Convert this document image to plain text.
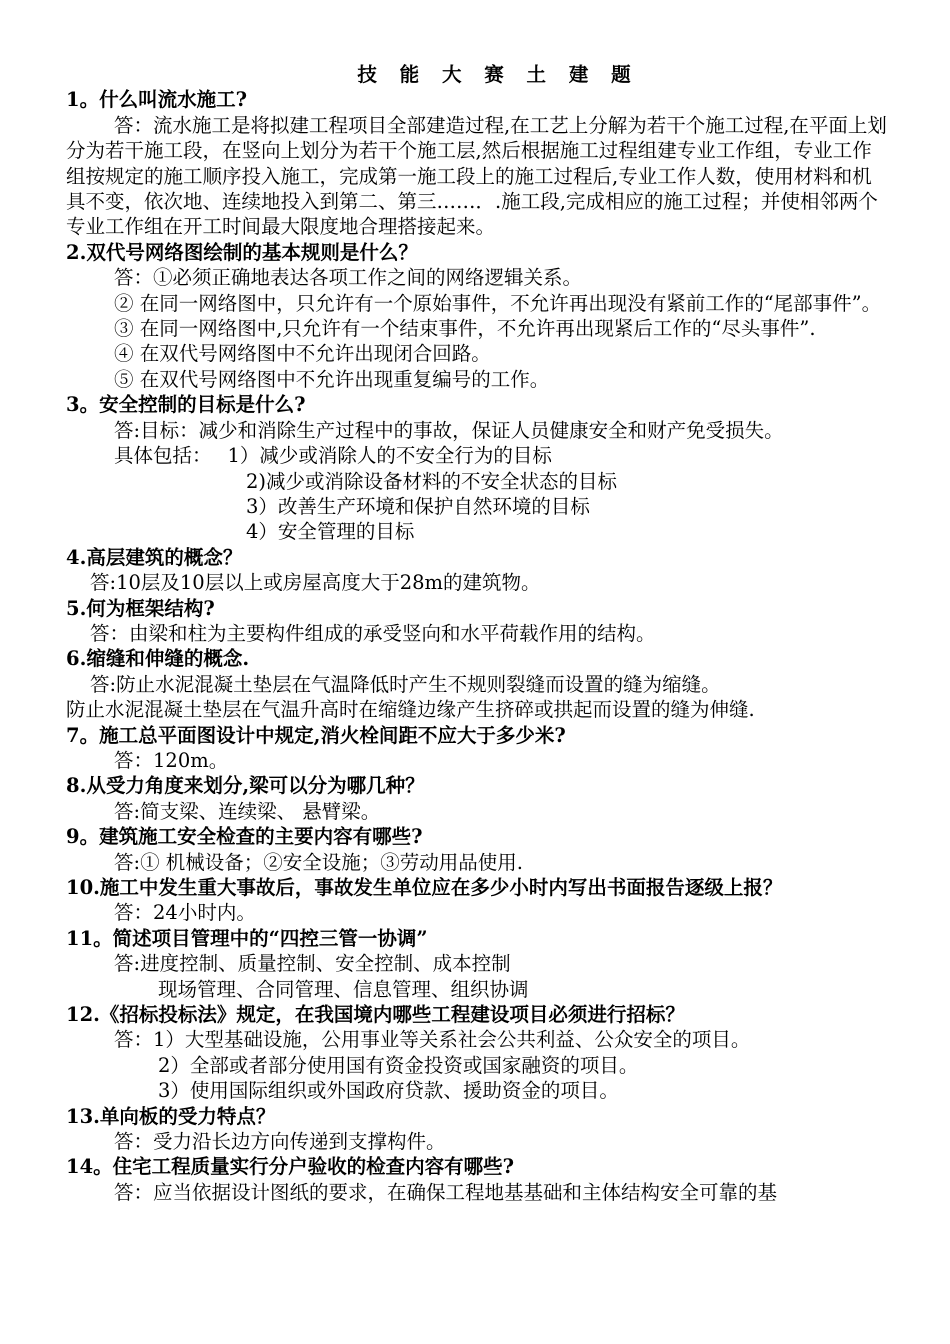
技 能 大 赛 土 建 题

1。什么叫流水施工?

答：流水施工是将拟建工程项目全部建造过程,在工艺上分解为若干个施工过程,在平面上划分为若干施工段，在竖向上划分为若干个施工层,然后根据施工过程组建专业工作组，专业工作组按规定的施工顺序投入施工，完成第一施工段上的施工过程后,专业工作人数，使用材料和机具不变，依次地、连续地投入到第二、第三……．.施工段,完成相应的施工过程；并使相邻两个专业工作组在开工时间最大限度地合理搭接起来。

2.双代号网络图绘制的基本规则是什么？

答：①必须正确地表达各项工作之间的网络逻辑关系。

② 在同一网络图中，只允许有一个原始事件，不允许再出现没有紧前工作的“尾部事件”。

③ 在同一网络图中,只允许有一个结束事件，不允许再出现紧后工作的“尽头事件”.

④ 在双代号网络图中不允许出现闭合回路。

⑤ 在双代号网络图中不允许出现重复编号的工作。

3。安全控制的目标是什么?

答:目标：减少和消除生产过程中的事故，保证人员健康安全和财产免受损失。

具体包括：　 1）减少或消除人的不安全行为的目标

2)减少或消除设备材料的不安全状态的目标

3）改善生产环境和保护自然环境的目标

4）安全管理的目标

4.高层建筑的概念？

答:10层及10层以上或房屋高度大于28m的建筑物。

5.何为框架结构?

答：由梁和柱为主要构件组成的承受竖向和水平荷载作用的结构。

6.缩缝和伸缝的概念.

答:防止水泥混凝土垫层在气温降低时产生不规则裂缝而设置的缝为缩缝。

防止水泥混凝土垫层在气温升高时在缩缝边缘产生挤碎或拱起而设置的缝为伸缝.

7。施工总平面图设计中规定,消火栓间距不应大于多少米?

答：120m。

8.从受力角度来划分,梁可以分为哪几种？

答:简支梁、连续梁、 悬臂梁。

9。建筑施工安全检查的主要内容有哪些?

答:① 机械设备；②安全设施；③劳动用品使用.

10.施工中发生重大事故后，事故发生单位应在多少小时内写出书面报告逐级上报？

答：24小时内。

11。简述项目管理中的“四控三管一协调”

答:进度控制、质量控制、安全控制、成本控制

现场管理、合同管理、信息管理、组织协调

12.《招标投标法》规定，在我国境内哪些工程建设项目必须进行招标？

答：1）大型基础设施，公用事业等关系社会公共利益、公众安全的项目。

2）全部或者部分使用国有资金投资或国家融资的项目。

3）使用国际组织或外国政府贷款、援助资金的项目。

13.单向板的受力特点？

答：受力沿长边方向传递到支撑构件。

14。住宅工程质量实行分户验收的检查内容有哪些?

答：应当依据设计图纸的要求，在确保工程地基基础和主体结构安全可靠的基
